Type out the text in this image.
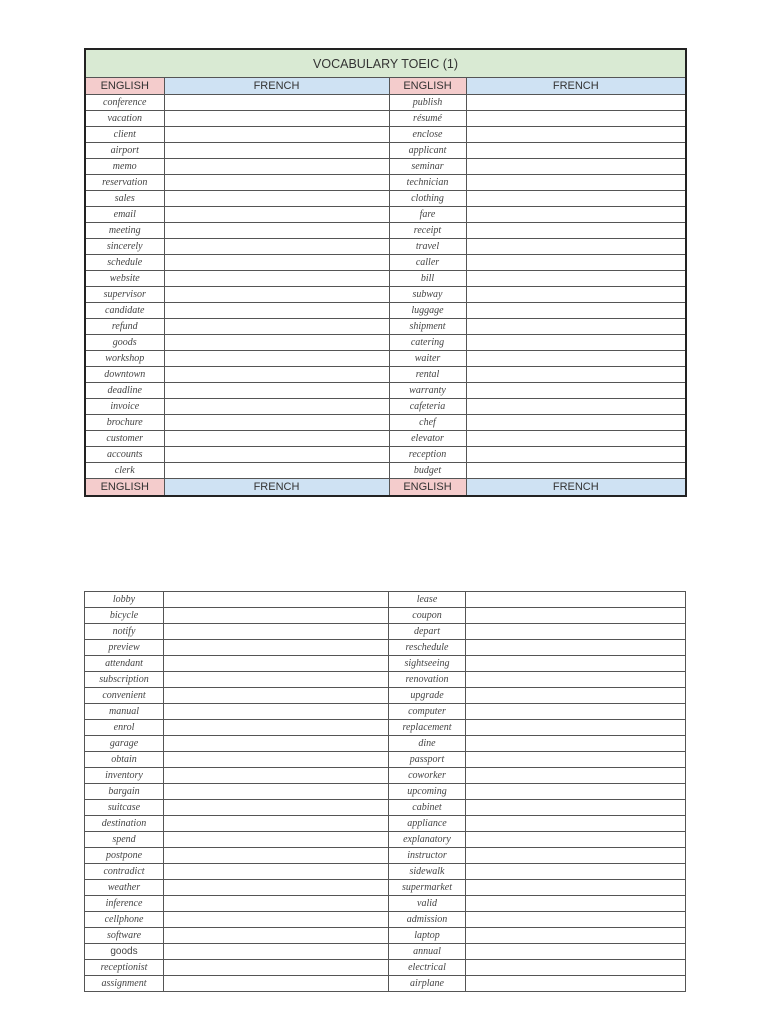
VOCABULARY TOEIC (1)			
ENGLISH	FRENCH	ENGLISH	FRENCH
conference		publish	
vacation		résumé	
client		enclose	
airport		applicant	
memo		seminar	
reservation		technician	
sales		clothing	
email		fare	
meeting		receipt	
sincerely		travel	
schedule		caller	
website		bill	
supervisor		subway	
candidate		luggage	
refund		shipment	
goods		catering	
workshop		waiter	
downtown		rental	
deadline		warranty	
invoice		cafeteria	
brochure		chef	
customer		elevator	
accounts		reception	
clerk		budget	
ENGLISH	FRENCH	ENGLISH	FRENCH
lobby		lease	
bicycle		coupon	
notify		depart	
preview		reschedule	
attendant		sightseeing	
subscription		renovation	
convenient		upgrade	
manual		computer	
enrol		replacement	
garage		dine	
obtain		passport	
inventory		coworker	
bargain		upcoming	
suitcase		cabinet	
destination		appliance	
spend		explanatory	
postpone		instructor	
contradict		sidewalk	
weather		supermarket	
inference		valid	
cellphone		admission	
software		laptop	
goods		annual	
receptionist		electrical	
assignment		airplane	
